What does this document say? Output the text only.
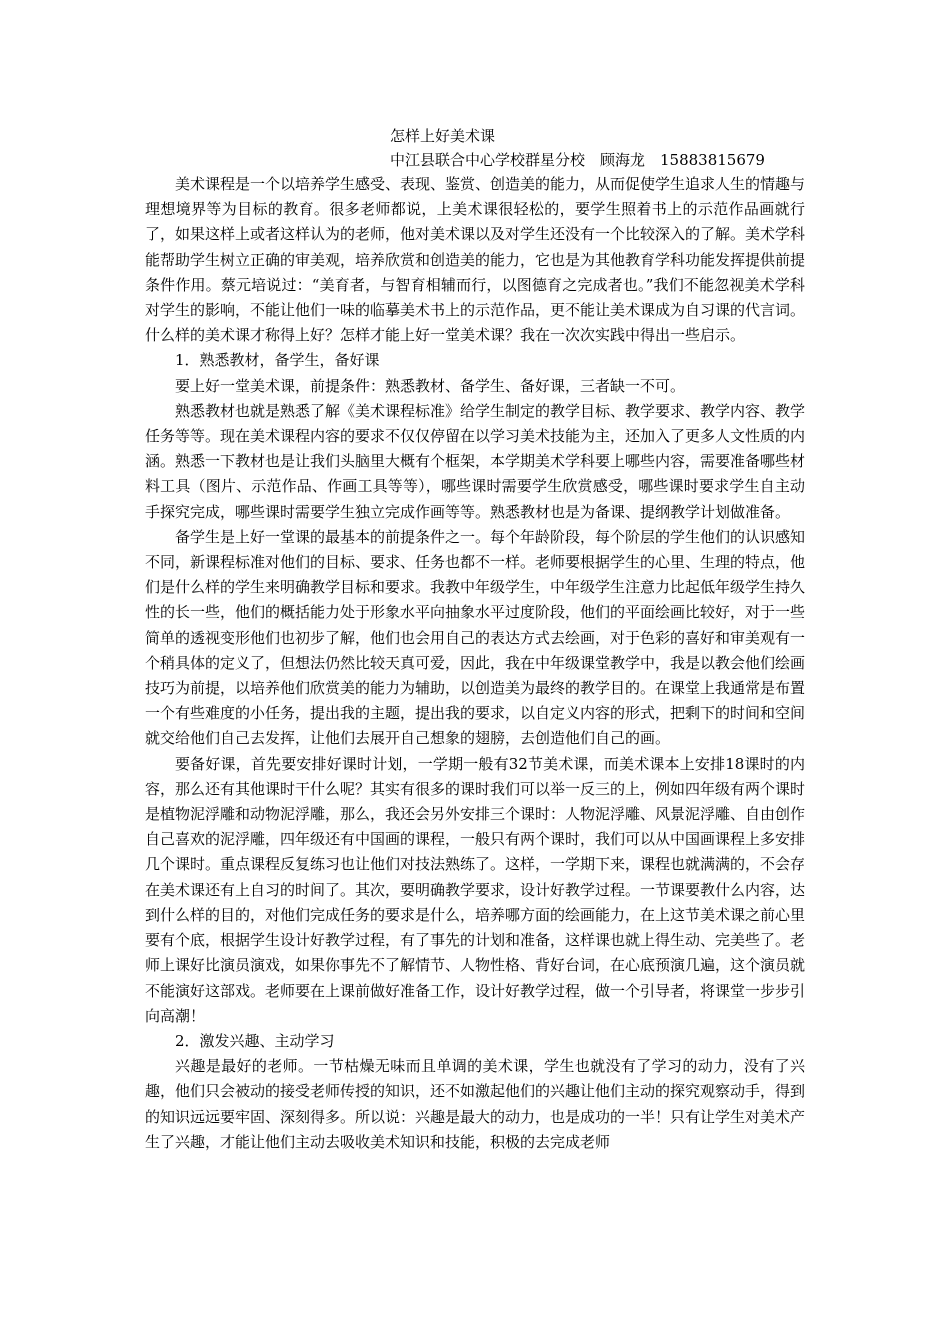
怎样上好美术课
中江县联合中心学校群星分校　顾海龙　15883815679

美术课程是一个以培养学生感受、表现、鉴赏、创造美的能力，从而促使学生追求人生的情趣与理想境界等为目标的教育。很多老师都说，上美术课很轻松的，要学生照着书上的示范作品画就行了，如果这样上或者这样认为的老师，他对美术课以及对学生还没有一个比较深入的了解。美术学科能帮助学生树立正确的审美观，培养欣赏和创造美的能力，它也是为其他教育学科功能发挥提供前提条件作用。蔡元培说过：“美育者，与智育相辅而行，以图德育之完成者也。”我们不能忽视美术学科对学生的影响，不能让他们一味的临摹美术书上的示范作品，更不能让美术课成为自习课的代言词。什么样的美术课才称得上好？怎样才能上好一堂美术课？我在一次次实践中得出一些启示。

1．熟悉教材，备学生，备好课

要上好一堂美术课，前提条件：熟悉教材、备学生、备好课，三者缺一不可。

熟悉教材也就是熟悉了解《美术课程标准》给学生制定的教学目标、教学要求、教学内容、教学任务等等。现在美术课程内容的要求不仅仅停留在以学习美术技能为主，还加入了更多人文性质的内涵。熟悉一下教材也是让我们头脑里大概有个框架，本学期美术学科要上哪些内容，需要准备哪些材料工具（图片、示范作品、作画工具等等），哪些课时需要学生欣赏感受，哪些课时要求学生自主动手探究完成，哪些课时需要学生独立完成作画等等。熟悉教材也是为备课、提纲教学计划做准备。

备学生是上好一堂课的最基本的前提条件之一。每个年龄阶段，每个阶层的学生他们的认识感知不同，新课程标准对他们的目标、要求、任务也都不一样。老师要根据学生的心里、生理的特点，他们是什么样的学生来明确教学目标和要求。我教中年级学生，中年级学生注意力比起低年级学生持久性的长一些，他们的概括能力处于形象水平向抽象水平过度阶段，他们的平面绘画比较好，对于一些简单的透视变形他们也初步了解，他们也会用自己的表达方式去绘画，对于色彩的喜好和审美观有一个稍具体的定义了，但想法仍然比较天真可爱，因此，我在中年级课堂教学中，我是以教会他们绘画技巧为前提，以培养他们欣赏美的能力为辅助，以创造美为最终的教学目的。在课堂上我通常是布置一个有些难度的小任务，提出我的主题，提出我的要求，以自定义内容的形式，把剩下的时间和空间就交给他们自己去发挥，让他们去展开自己想象的翅膀，去创造他们自己的画。

要备好课，首先要安排好课时计划，一学期一般有32节美术课，而美术课本上安排18课时的内容，那么还有其他课时干什么呢？其实有很多的课时我们可以举一反三的上，例如四年级有两个课时是植物泥浮雕和动物泥浮雕，那么，我还会另外安排三个课时：人物泥浮雕、风景泥浮雕、自由创作自己喜欢的泥浮雕，四年级还有中国画的课程，一般只有两个课时，我们可以从中国画课程上多安排几个课时。重点课程反复练习也让他们对技法熟练了。这样，一学期下来，课程也就满满的，不会存在美术课还有上自习的时间了。其次，要明确教学要求，设计好教学过程。一节课要教什么内容，达到什么样的目的，对他们完成任务的要求是什么，培养哪方面的绘画能力，在上这节美术课之前心里要有个底，根据学生设计好教学过程，有了事先的计划和准备，这样课也就上得生动、完美些了。老师上课好比演员演戏，如果你事先不了解情节、人物性格、背好台词，在心底预演几遍，这个演员就不能演好这部戏。老师要在上课前做好准备工作，设计好教学过程，做一个引导者，将课堂一步步引向高潮！

2．激发兴趣、主动学习

兴趣是最好的老师。一节枯燥无味而且单调的美术课，学生也就没有了学习的动力，没有了兴趣，他们只会被动的接受老师传授的知识，还不如激起他们的兴趣让他们主动的探究观察动手，得到的知识远远要牢固、深刻得多。所以说：兴趣是最大的动力，也是成功的一半！只有让学生对美术产生了兴趣，才能让他们主动去吸收美术知识和技能，积极的去完成老师
